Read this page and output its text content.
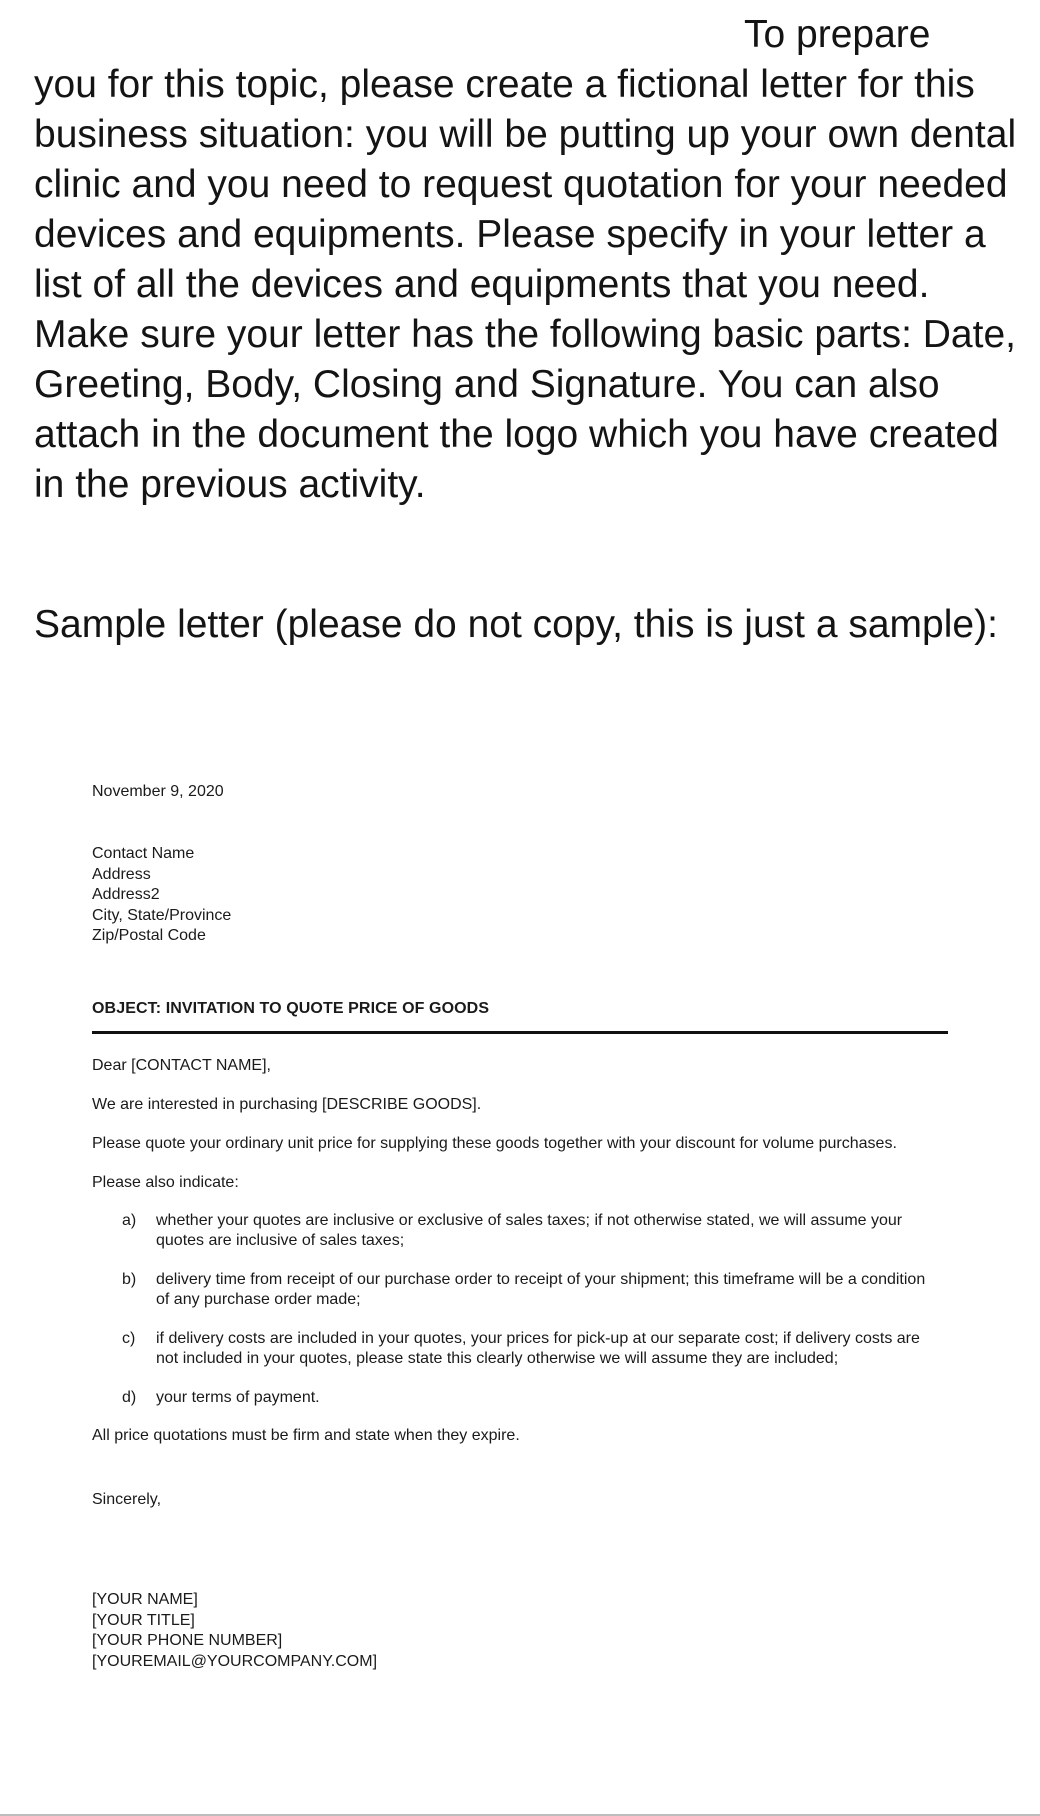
To prepare
you for this topic, please create a fictional letter for this business situation: you will be putting up your own dental clinic and you need to request quotation for your needed devices and equipments. Please specify in your letter a list of all the devices and equipments that you need. Make sure your letter has the following basic parts: Date, Greeting, Body, Closing and Signature. You can also attach in the document the logo which you have created in the previous activity.
Sample letter (please do not copy, this is just a sample):
November 9, 2020
Contact Name
Address
Address2
City, State/Province
Zip/Postal Code
OBJECT: INVITATION TO QUOTE PRICE OF GOODS
Dear [CONTACT NAME],
We are interested in purchasing [DESCRIBE GOODS].
Please quote your ordinary unit price for supplying these goods together with your discount for volume purchases.
Please also indicate:
a)	whether your quotes are inclusive or exclusive of sales taxes; if not otherwise stated, we will assume your quotes are inclusive of sales taxes;
b)	delivery time from receipt of our purchase order to receipt of your shipment; this timeframe will be a condition of any purchase order made;
c)	if delivery costs are included in your quotes, your prices for pick-up at our separate cost; if delivery costs are not included in your quotes, please state this clearly otherwise we will assume they are included;
d)	your terms of payment.
All price quotations must be firm and state when they expire.
Sincerely,
[YOUR NAME]
[YOUR TITLE]
[YOUR PHONE NUMBER]
[YOUREMAIL@YOURCOMPANY.COM]
